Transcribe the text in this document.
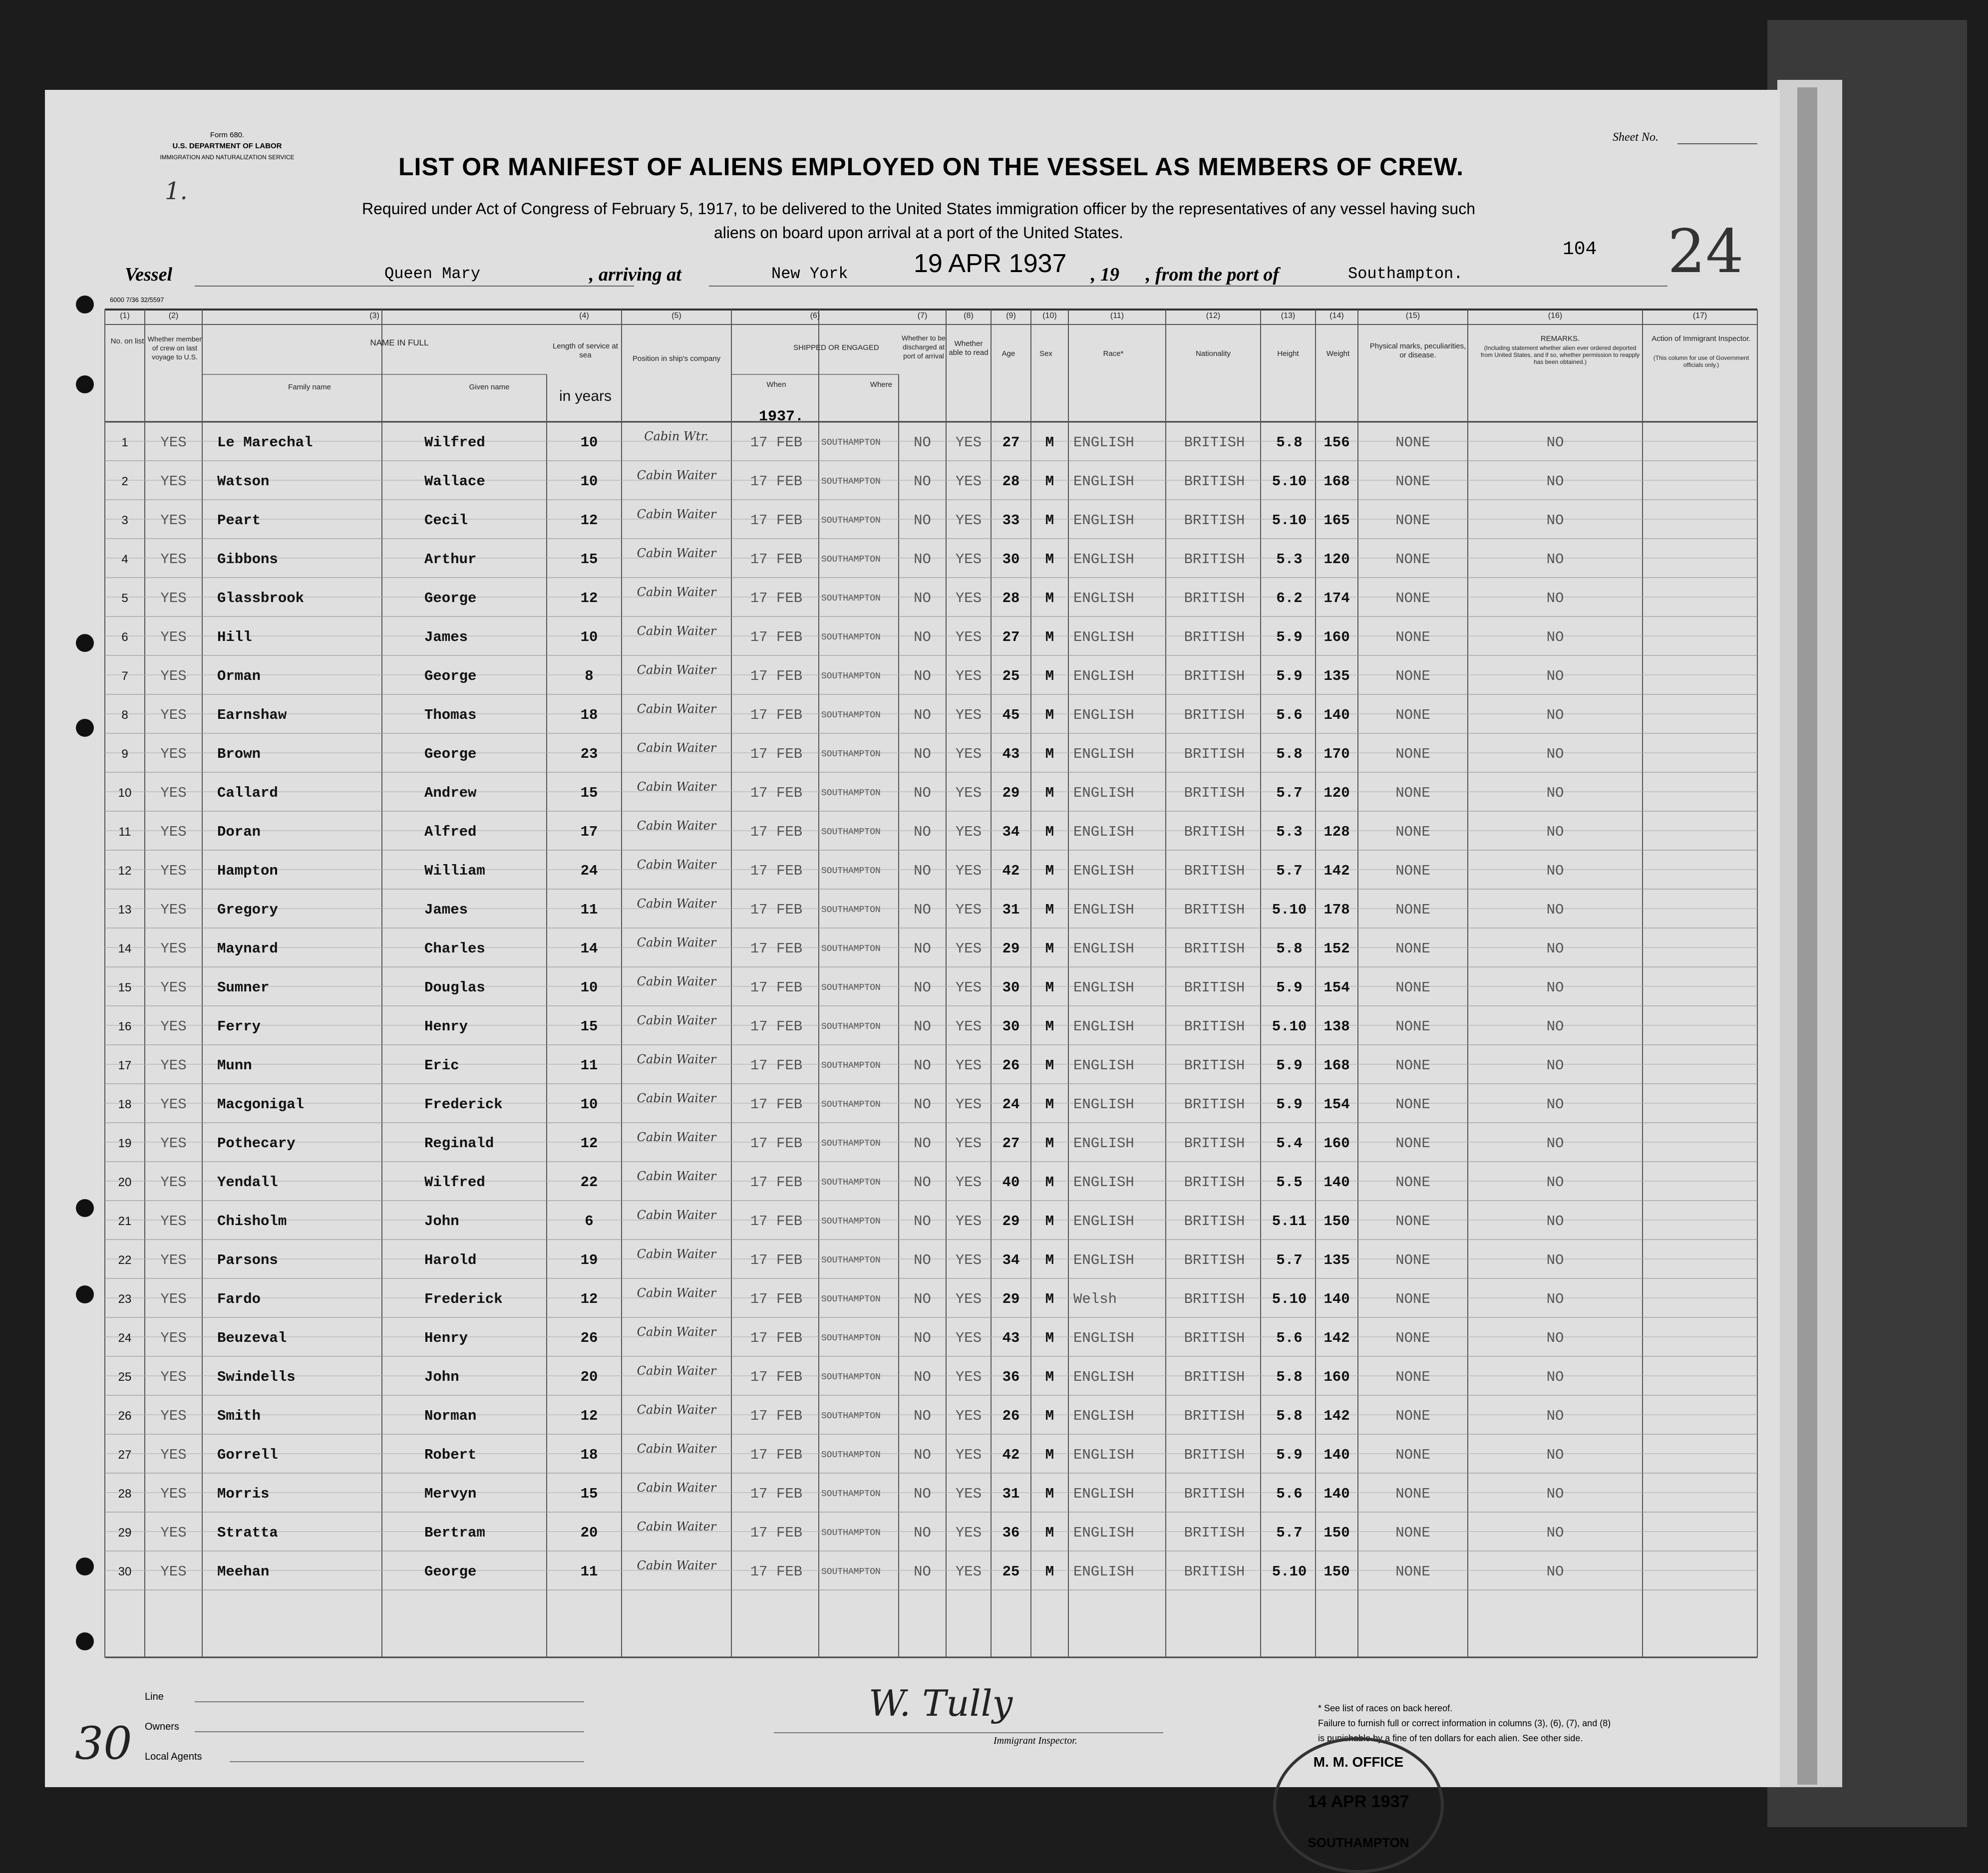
Form 680.
U.S. DEPARTMENT OF LABOR
IMMIGRATION AND NATURALIZATION SERVICE
Sheet No.
LIST OR MANIFEST OF ALIENS EMPLOYED ON THE VESSEL AS MEMBERS OF CREW.
Required under Act of Congress of February 5, 1917, to be delivered to the United States immigration officer by the representatives of any vessel having such
aliens on board upon arrival at a port of the United States.
1.
Vessel	Queen Mary	, arriving at	New York	19 APR 1937 , 19 , from the port of	Southampton.
104 24
6000 7/36 32/5597
No. on list Whether member of crew on last voyage to U.S.
NAME IN FULL
Family name	Given name
Length of service at sea
in years
Position in ship's company
SHIPPED OR ENGAGED
When	Where
Whether to be discharged at port of arrival
Whether able to read	Age	Sex	Race*	Nationality	Height	Weight
Physical marks, peculiarities, or disease.
REMARKS.
(Including statement whether alien ever ordered deported from United States, and if so, whether permission to reapply has been obtained.)
Action of Immigrant Inspector.
(This column for use of Government officials only.)
1937.
(1)	(2)	(3)	(4)	(5)	(6)	(7)	(8)	(9)	(10)	(11)	(12)	(13)	(14)	(15)	(16)	(17)
1	YES	Le Marechal	Wilfred	10	Cabin Wtr.	17 FEB	SOUTHAMPTON	NO	YES	27	M	ENGLISH	BRITISH	5.8	156	NONE	NO
2	YES	Watson	Wallace	10	Cabin Waiter	17 FEB	SOUTHAMPTON	NO	YES	28	M	ENGLISH	BRITISH	5.10	168	NONE	NO
3	YES	Peart	Cecil	12	Cabin Waiter	17 FEB	SOUTHAMPTON	NO	YES	33	M	ENGLISH	BRITISH	5.10	165	NONE	NO
4	YES	Gibbons	Arthur	15	Cabin Waiter	17 FEB	SOUTHAMPTON	NO	YES	30	M	ENGLISH	BRITISH	5.3	120	NONE	NO
5	YES	Glassbrook	George	12	Cabin Waiter	17 FEB	SOUTHAMPTON	NO	YES	28	M	ENGLISH	BRITISH	6.2	174	NONE	NO
6	YES	Hill	James	10	Cabin Waiter	17 FEB	SOUTHAMPTON	NO	YES	27	M	ENGLISH	BRITISH	5.9	160	NONE	NO
7	YES	Orman	George	8	Cabin Waiter	17 FEB	SOUTHAMPTON	NO	YES	25	M	ENGLISH	BRITISH	5.9	135	NONE	NO
8	YES	Earnshaw	Thomas	18	Cabin Waiter	17 FEB	SOUTHAMPTON	NO	YES	45	M	ENGLISH	BRITISH	5.6	140	NONE	NO
9	YES	Brown	George	23	Cabin Waiter	17 FEB	SOUTHAMPTON	NO	YES	43	M	ENGLISH	BRITISH	5.8	170	NONE	NO
10	YES	Callard	Andrew	15	Cabin Waiter	17 FEB	SOUTHAMPTON	NO	YES	29	M	ENGLISH	BRITISH	5.7	120	NONE	NO
11	YES	Doran	Alfred	17	Cabin Waiter	17 FEB	SOUTHAMPTON	NO	YES	34	M	ENGLISH	BRITISH	5.3	128	NONE	NO
12	YES	Hampton	William	24	Cabin Waiter	17 FEB	SOUTHAMPTON	NO	YES	42	M	ENGLISH	BRITISH	5.7	142	NONE	NO
13	YES	Gregory	James	11	Cabin Waiter	17 FEB	SOUTHAMPTON	NO	YES	31	M	ENGLISH	BRITISH	5.10	178	NONE	NO
14	YES	Maynard	Charles	14	Cabin Waiter	17 FEB	SOUTHAMPTON	NO	YES	29	M	ENGLISH	BRITISH	5.8	152	NONE	NO
15	YES	Sumner	Douglas	10	Cabin Waiter	17 FEB	SOUTHAMPTON	NO	YES	30	M	ENGLISH	BRITISH	5.9	154	NONE	NO
16	YES	Ferry	Henry	15	Cabin Waiter	17 FEB	SOUTHAMPTON	NO	YES	30	M	ENGLISH	BRITISH	5.10	138	NONE	NO
17	YES	Munn	Eric	11	Cabin Waiter	17 FEB	SOUTHAMPTON	NO	YES	26	M	ENGLISH	BRITISH	5.9	168	NONE	NO
18	YES	Macgonigal	Frederick	10	Cabin Waiter	17 FEB	SOUTHAMPTON	NO	YES	24	M	ENGLISH	BRITISH	5.9	154	NONE	NO
19	YES	Pothecary	Reginald	12	Cabin Waiter	17 FEB	SOUTHAMPTON	NO	YES	27	M	ENGLISH	BRITISH	5.4	160	NONE	NO
20	YES	Yendall	Wilfred	22	Cabin Waiter	17 FEB	SOUTHAMPTON	NO	YES	40	M	ENGLISH	BRITISH	5.5	140	NONE	NO
21	YES	Chisholm	John	6	Cabin Waiter	17 FEB	SOUTHAMPTON	NO	YES	29	M	ENGLISH	BRITISH	5.11	150	NONE	NO
22	YES	Parsons	Harold	19	Cabin Waiter	17 FEB	SOUTHAMPTON	NO	YES	34	M	ENGLISH	BRITISH	5.7	135	NONE	NO
23	YES	Fardo	Frederick	12	Cabin Waiter	17 FEB	SOUTHAMPTON	NO	YES	29	M	Welsh	BRITISH	5.10	140	NONE	NO
24	YES	Beuzeval	Henry	26	Cabin Waiter	17 FEB	SOUTHAMPTON	NO	YES	43	M	ENGLISH	BRITISH	5.6	142	NONE	NO
25	YES	Swindells	John	20	Cabin Waiter	17 FEB	SOUTHAMPTON	NO	YES	36	M	ENGLISH	BRITISH	5.8	160	NONE	NO
26	YES	Smith	Norman	12	Cabin Waiter	17 FEB	SOUTHAMPTON	NO	YES	26	M	ENGLISH	BRITISH	5.8	142	NONE	NO
27	YES	Gorrell	Robert	18	Cabin Waiter	17 FEB	SOUTHAMPTON	NO	YES	42	M	ENGLISH	BRITISH	5.9	140	NONE	NO
28	YES	Morris	Mervyn	15	Cabin Waiter	17 FEB	SOUTHAMPTON	NO	YES	31	M	ENGLISH	BRITISH	5.6	140	NONE	NO
29	YES	Stratta	Bertram	20	Cabin Waiter	17 FEB	SOUTHAMPTON	NO	YES	36	M	ENGLISH	BRITISH	5.7	150	NONE	NO
30	YES	Meehan	George	11	Cabin Waiter	17 FEB	SOUTHAMPTON	NO	YES	25	M	ENGLISH	BRITISH	5.10	150	NONE	NO
Line
Owners
Local Agents
30
W. Tully
Immigrant Inspector.
* See list of races on back hereof.
Failure to furnish full or correct information in columns (3), (6), (7), and (8)
is punishable by a fine of ten dollars for each alien. See other side.
M. M. OFFICE
14 APR 1937
SOUTHAMPTON
